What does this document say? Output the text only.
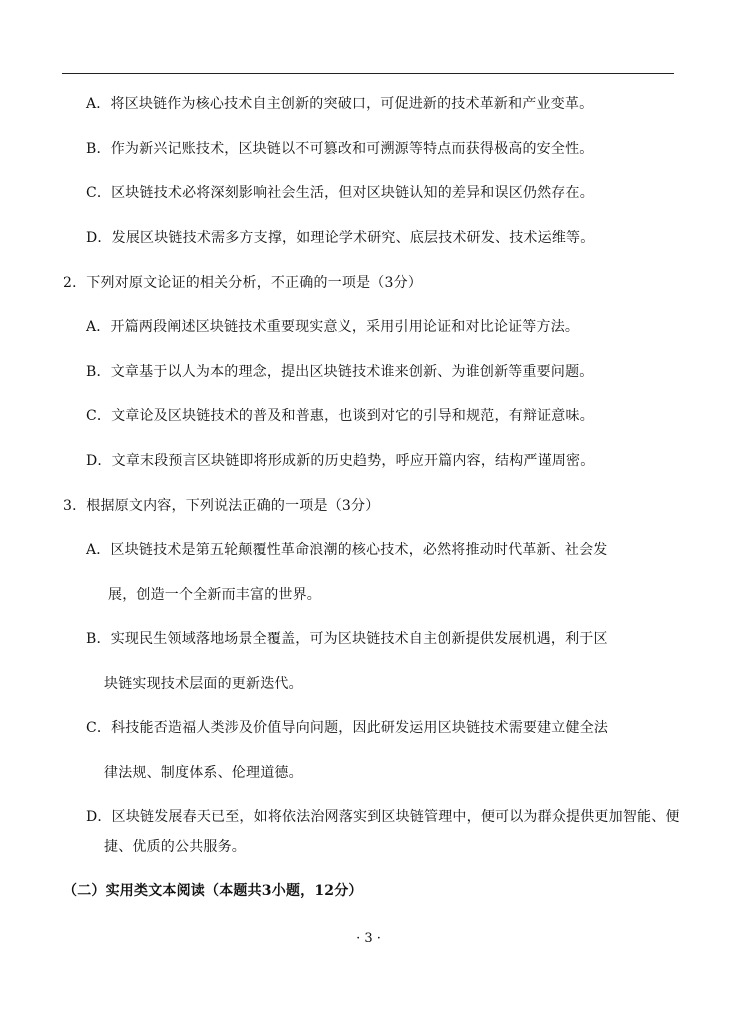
A．将区块链作为核心技术自主创新的突破口，可促进新的技术革新和产业变革。
B．作为新兴记账技术，区块链以不可篡改和可溯源等特点而获得极高的安全性。
C．区块链技术必将深刻影响社会生活，但对区块链认知的差异和误区仍然存在。
D．发展区块链技术需多方支撑，如理论学术研究、底层技术研发、技术运维等。
2．下列对原文论证的相关分析，不正确的一项是（3分）
A．开篇两段阐述区块链技术重要现实意义，采用引用论证和对比论证等方法。
B．文章基于以人为本的理念，提出区块链技术谁来创新、为谁创新等重要问题。
C．文章论及区块链技术的普及和普惠，也谈到对它的引导和规范，有辩证意味。
D．文章末段预言区块链即将形成新的历史趋势，呼应开篇内容，结构严谨周密。
3．根据原文内容，下列说法正确的一项是（3分）
A．区块链技术是第五轮颠覆性革命浪潮的核心技术，必然将推动时代革新、社会发
展，创造一个全新而丰富的世界。
B．实现民生领域落地场景全覆盖，可为区块链技术自主创新提供发展机遇，利于区
块链实现技术层面的更新迭代。
C．科技能否造福人类涉及价值导向问题，因此研发运用区块链技术需要建立健全法
律法规、制度体系、伦理道德。
D．区块链发展春天已至，如将依法治网落实到区块链管理中，便可以为群众提供更加智能、便
捷、优质的公共服务。
（二）实用类文本阅读（本题共3小题，12分）
· 3 ·
